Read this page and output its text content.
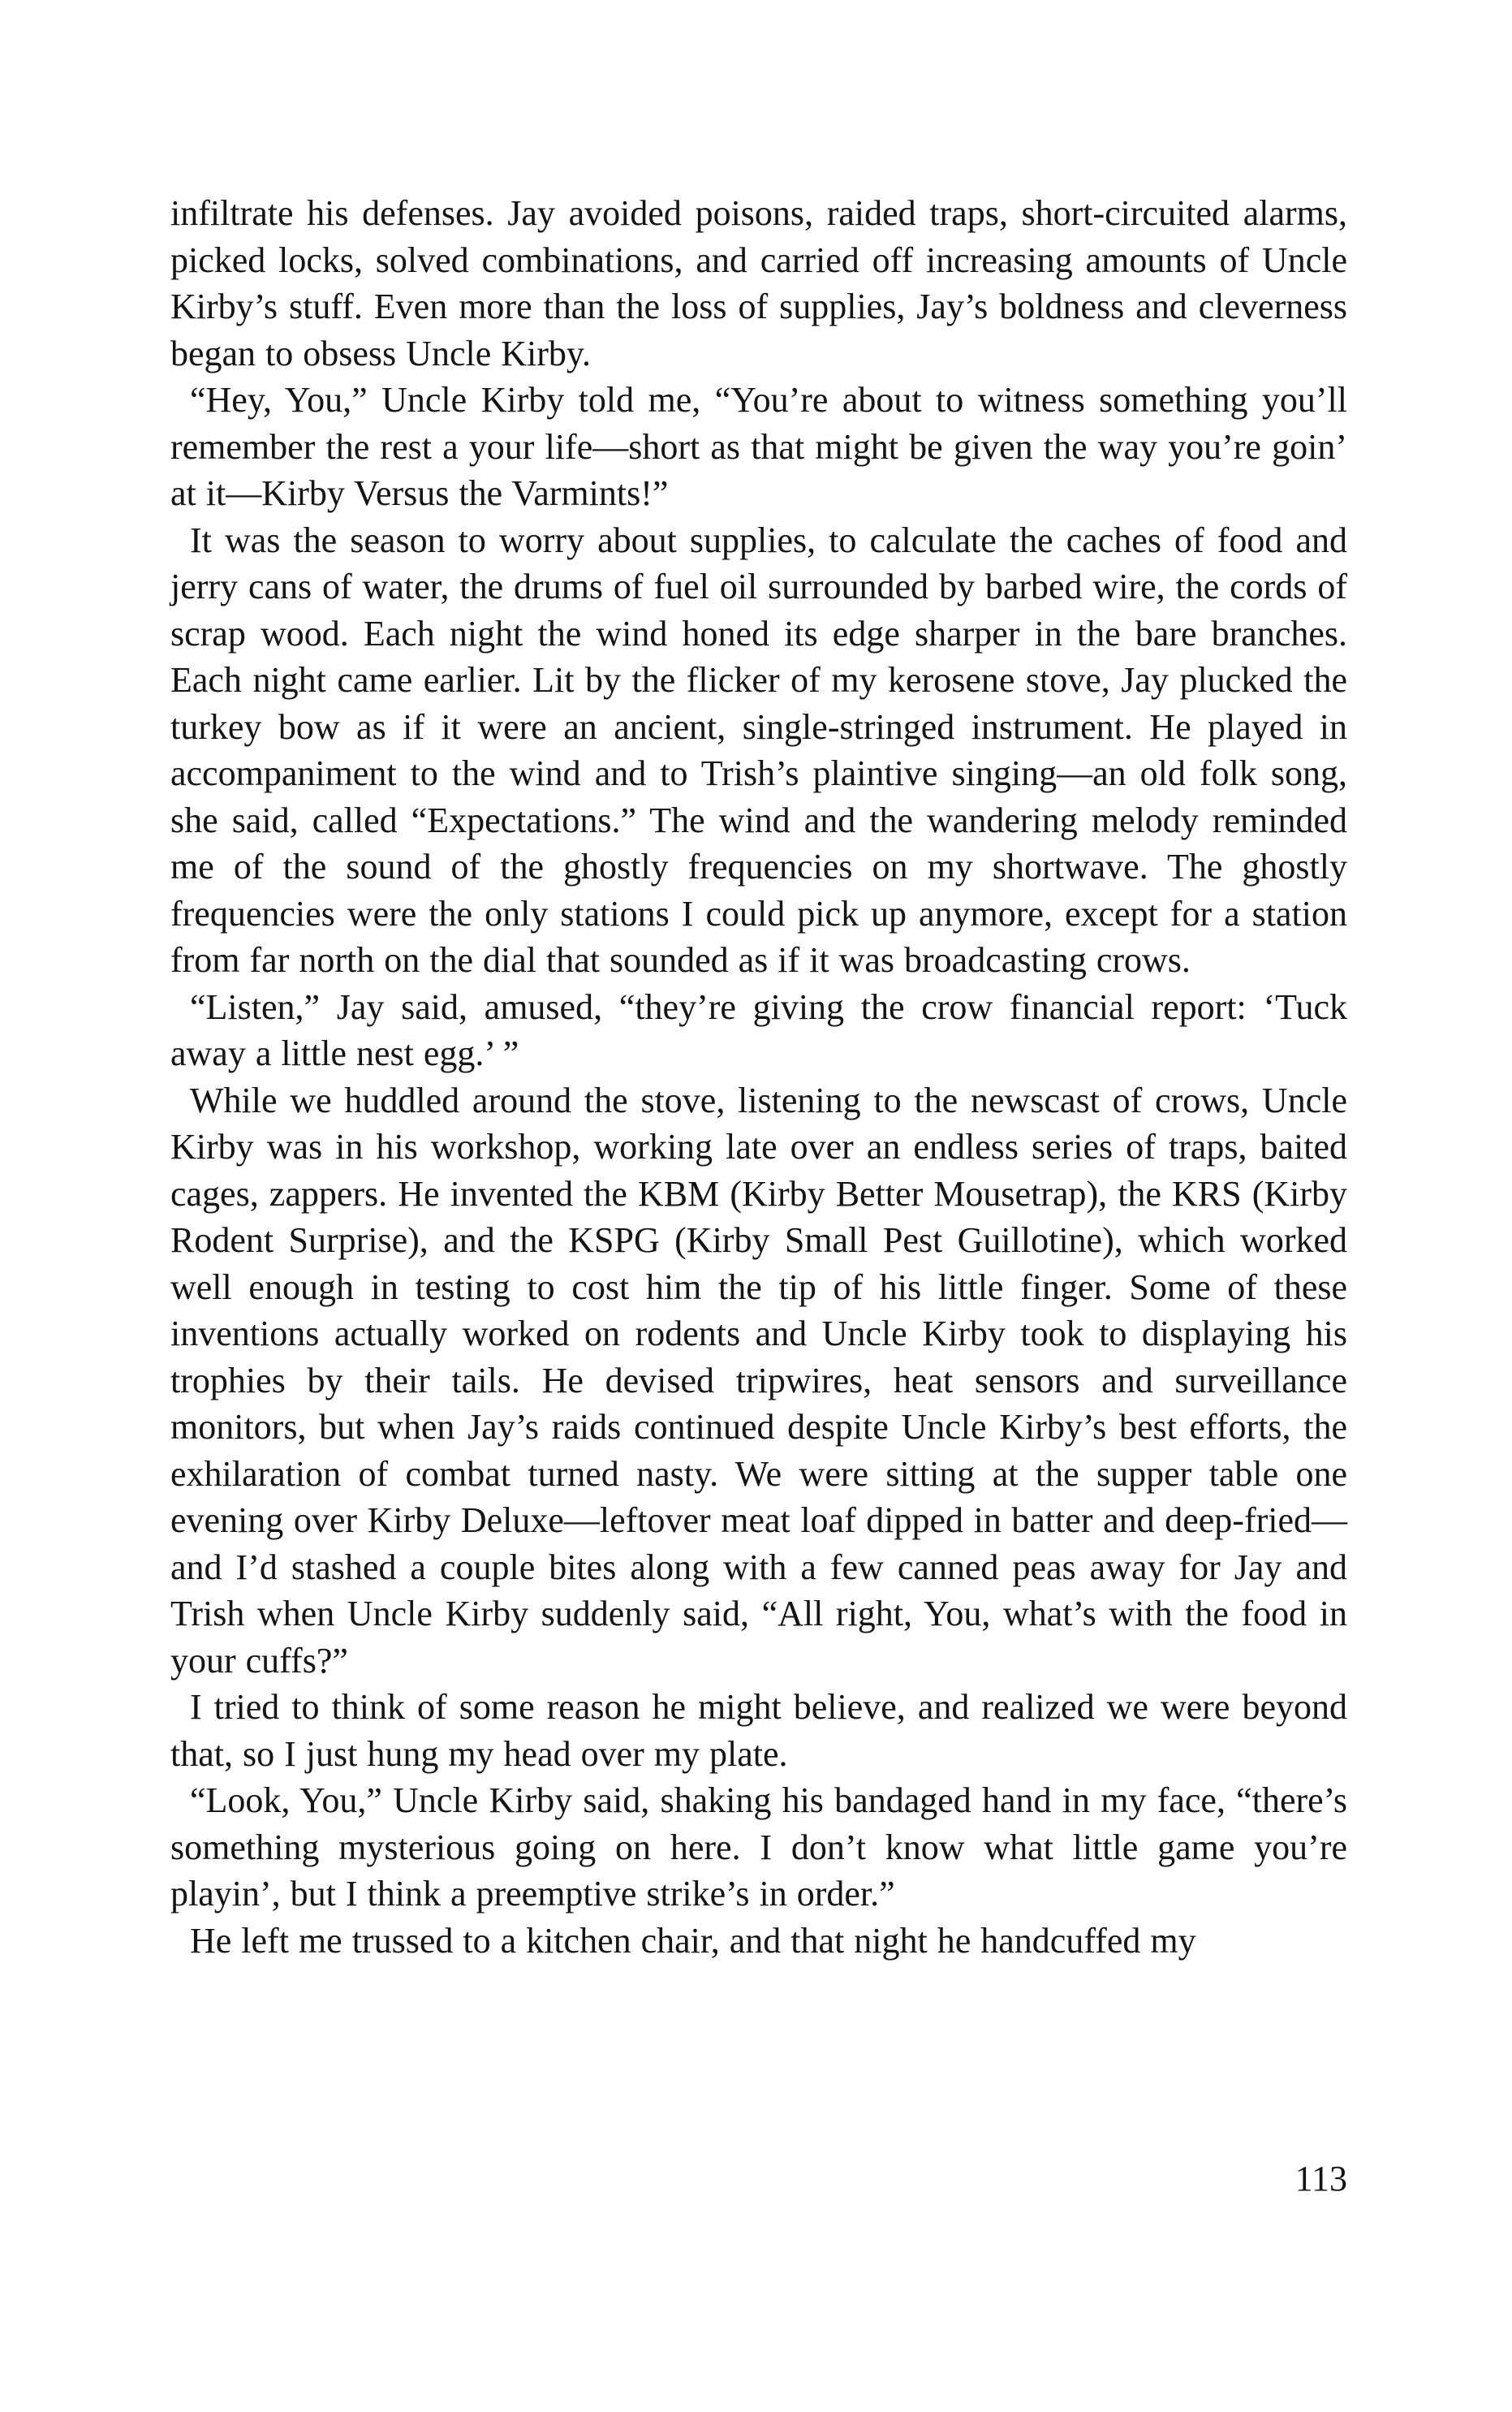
infiltrate his defenses. Jay avoided poisons, raided traps, short-circuited alarms, picked locks, solved combinations, and carried off increasing amounts of Uncle Kirby’s stuff. Even more than the loss of supplies, Jay’s boldness and cleverness began to obsess Uncle Kirby.

“Hey, You,” Uncle Kirby told me, “You’re about to witness something you’ll remember the rest a your life—short as that might be given the way you’re goin’ at it—Kirby Versus the Varmints!”

It was the season to worry about supplies, to calculate the caches of food and jerry cans of water, the drums of fuel oil surrounded by barbed wire, the cords of scrap wood. Each night the wind honed its edge sharper in the bare branches. Each night came earlier. Lit by the flicker of my kerosene stove, Jay plucked the turkey bow as if it were an ancient, single-stringed instrument. He played in accompaniment to the wind and to Trish’s plaintive singing—an old folk song, she said, called “Expectations.” The wind and the wandering melody reminded me of the sound of the ghostly frequencies on my shortwave. The ghostly frequencies were the only stations I could pick up anymore, except for a station from far north on the dial that sounded as if it was broadcasting crows.

“Listen,” Jay said, amused, “they’re giving the crow financial report: ‘Tuck away a little nest egg.’ ”

While we huddled around the stove, listening to the newscast of crows, Uncle Kirby was in his workshop, working late over an endless series of traps, baited cages, zappers. He invented the KBM (Kirby Better Mousetrap), the KRS (Kirby Rodent Surprise), and the KSPG (Kirby Small Pest Guillotine), which worked well enough in testing to cost him the tip of his little finger. Some of these inventions actually worked on rodents and Uncle Kirby took to displaying his trophies by their tails. He devised tripwires, heat sensors and surveillance monitors, but when Jay’s raids continued despite Uncle Kirby’s best efforts, the exhilaration of combat turned nasty. We were sitting at the supper table one evening over Kirby Deluxe—leftover meat loaf dipped in batter and deep-fried—and I’d stashed a couple bites along with a few canned peas away for Jay and Trish when Uncle Kirby suddenly said, “All right, You, what’s with the food in your cuffs?”

I tried to think of some reason he might believe, and realized we were beyond that, so I just hung my head over my plate.

“Look, You,” Uncle Kirby said, shaking his bandaged hand in my face, “there’s something mysterious going on here. I don’t know what little game you’re playin’, but I think a preemptive strike’s in order.”

He left me trussed to a kitchen chair, and that night he handcuffed my

113
